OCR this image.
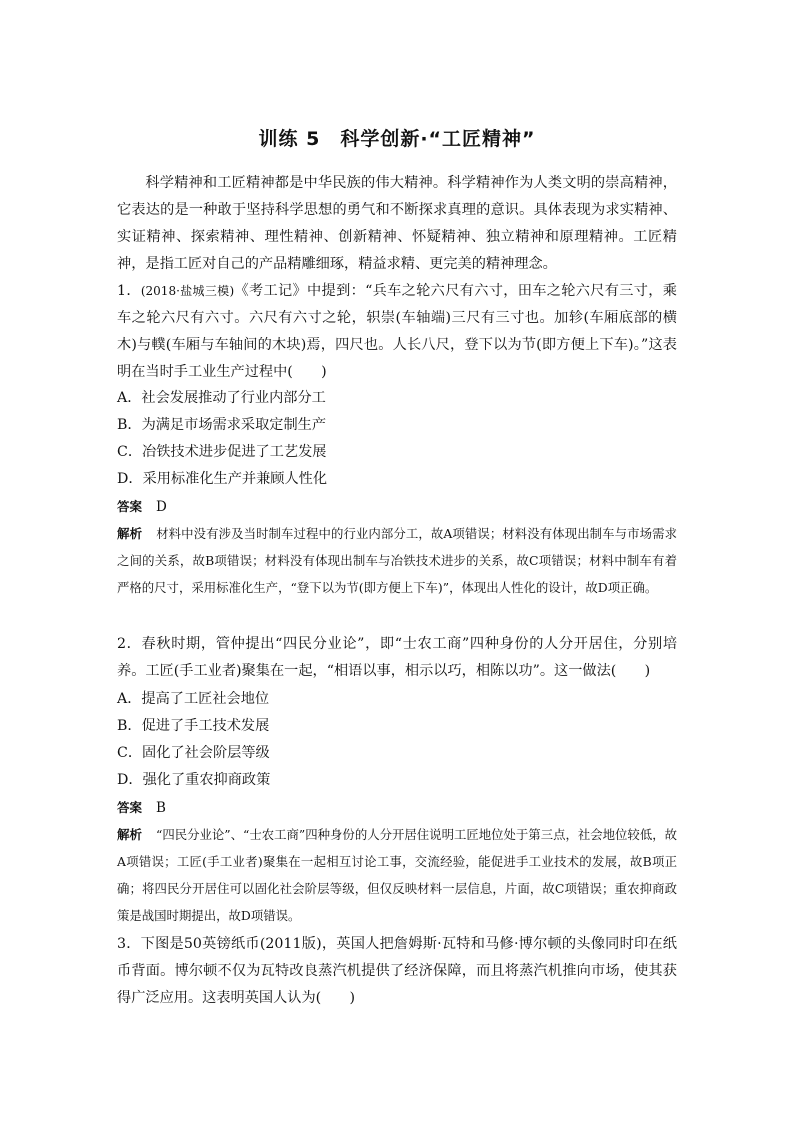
训练 5　科学创新·“工匠精神”
科学精神和工匠精神都是中华民族的伟大精神。科学精神作为人类文明的崇高精神，它表达的是一种敢于坚持科学思想的勇气和不断探求真理的意识。具体表现为求实精神、实证精神、探索精神、理性精神、创新精神、怀疑精神、独立精神和原理精神。工匠精神，是指工匠对自己的产品精雕细琢，精益求精、更完美的精神理念。
1．(2018·盐城三模)《考工记》中提到：“兵车之轮六尺有六寸，田车之轮六尺有三寸，乘车之轮六尺有六寸。六尺有六寸之轮，轵崇(车轴端)三尺有三寸也。加轸(车厢底部的横木)与轐(车厢与车轴间的木块)焉，四尺也。人长八尺，登下以为节(即方便上下车)。”这表明在当时手工业生产过程中(　　)
A．社会发展推动了行业内部分工
B．为满足市场需求采取定制生产
C．冶铁技术进步促进了工艺发展
D．采用标准化生产并兼顾人性化
答案 D
解析 材料中没有涉及当时制车过程中的行业内部分工，故A项错误；材料没有体现出制车与市场需求之间的关系，故B项错误；材料没有体现出制车与冶铁技术进步的关系，故C项错误；材料中制车有着严格的尺寸，采用标准化生产，“登下以为节(即方便上下车)”，体现出人性化的设计，故D项正确。
2．春秋时期，管仲提出“四民分业论”，即“士农工商”四种身份的人分开居住，分别培养。工匠(手工业者)聚集在一起，“相语以事，相示以巧，相陈以功”。这一做法(　　)
A．提高了工匠社会地位
B．促进了手工技术发展
C．固化了社会阶层等级
D．强化了重农抑商政策
答案 B
解析 “四民分业论”、“士农工商”四种身份的人分开居住说明工匠地位处于第三点，社会地位较低，故A项错误；工匠(手工业者)聚集在一起相互讨论工事，交流经验，能促进手工业技术的发展，故B项正确；将四民分开居住可以固化社会阶层等级，但仅反映材料一层信息，片面，故C项错误；重农抑商政策是战国时期提出，故D项错误。
3．下图是50英镑纸币(2011版)，英国人把詹姆斯·瓦特和马修·博尔顿的头像同时印在纸币背面。博尔顿不仅为瓦特改良蒸汽机提供了经济保障，而且将蒸汽机推向市场，使其获得广泛应用。这表明英国人认为(　　)
